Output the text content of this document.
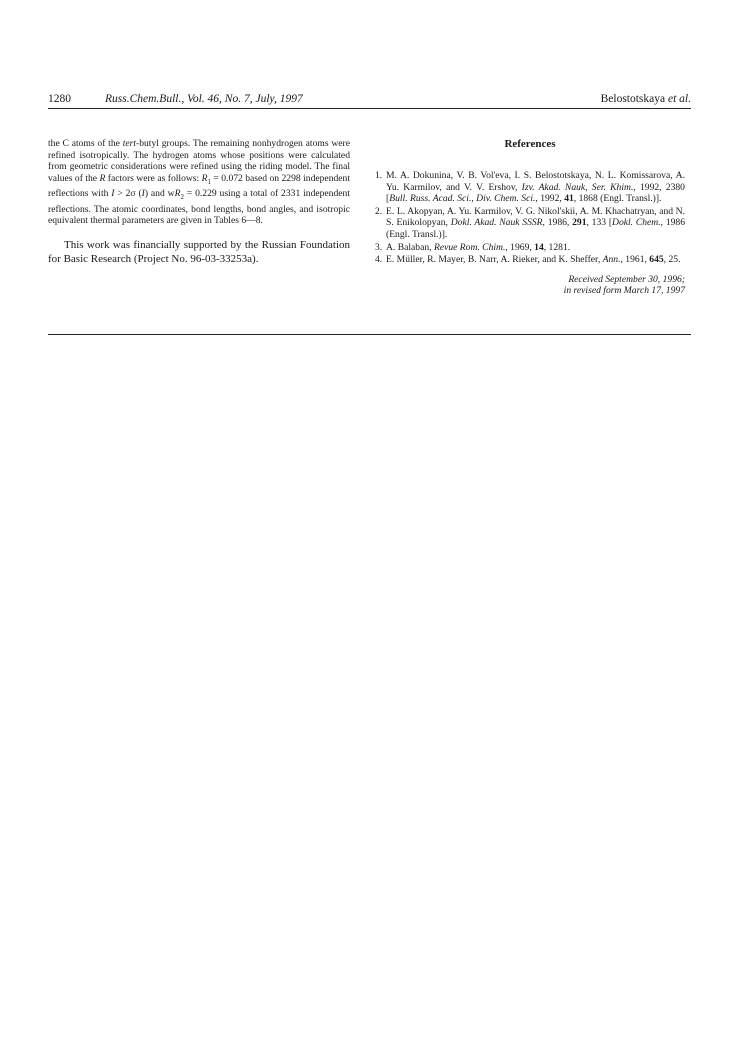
1280	Russ.Chem.Bull., Vol. 46, No. 7, July, 1997	Belostotskaya et al.

the C atoms of the tert-butyl groups. The remaining nonhydrogen atoms were refined isotropically. The hydrogen atoms whose positions were calculated from geometric considerations were refined using the riding model. The final values of the R factors were as follows: $R_1 = 0.072$ based on 2298 independent reflections with I > 2σ (I) and $wR_2 = 0.229$ using a total of 2331 independent reflections. The atomic coordinates, bond lengths, bond angles, and isotropic equivalent thermal parameters are given in Tables 6—8.

This work was financially supported by the Russian Foundation for Basic Research (Project No. 96-03-33253a).

References
1. M. A. Dokunina, V. B. Vol'eva, I. S. Belostotskaya, N. L. Komissarova, A. Yu. Karmilov, and V. V. Ershov, Izv. Akad. Nauk, Ser. Khim., 1992, 2380 [Bull. Russ. Acad. Sci., Div. Chem. Sci., 1992, 41, 1868 (Engl. Transl.)].
2. E. L. Akopyan, A. Yu. Karmilov, V. G. Nikol'skii, A. M. Khachatryan, and N. S. Enikolopyan, Dokl. Akad. Nauk SSSR, 1986, 291, 133 [Dokl. Chem., 1986 (Engl. Transl.)].
3. A. Balaban, Revue Rom. Chim., 1969, 14, 1281.
4. E. Müller, R. Mayer, B. Narr, A. Rieker, and K. Sheffer, Ann., 1961, 645, 25.
Received September 30, 1996;
in revised form March 17, 1997
